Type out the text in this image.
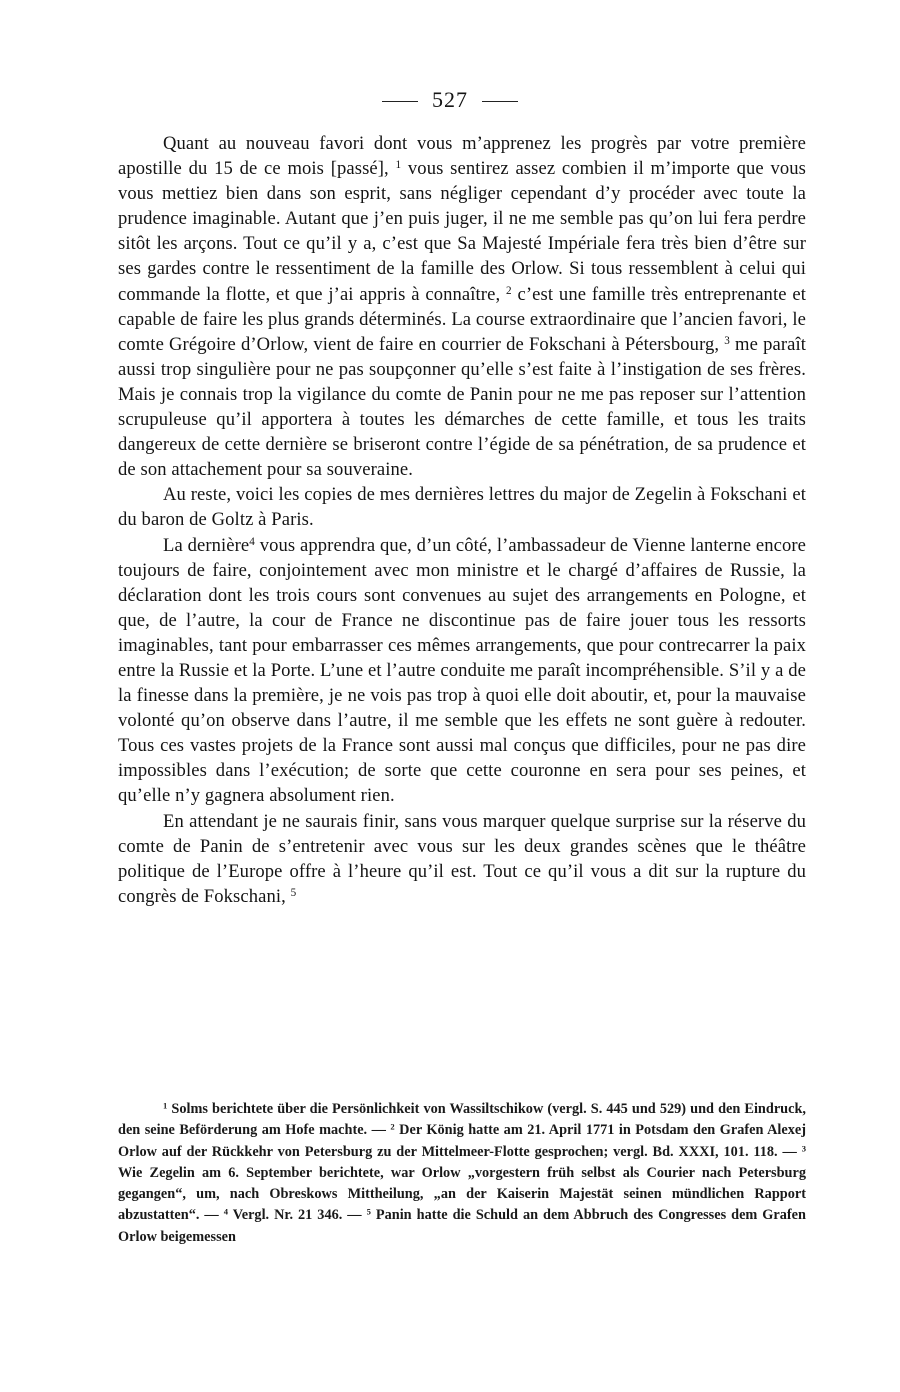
527

Quant au nouveau favori dont vous m’apprenez les progrès par votre première apostille du 15 de ce mois [passé], $^1$ vous sentirez assez combien il m’importe que vous vous mettiez bien dans son esprit, sans négliger cependant d’y procéder avec toute la prudence imaginable. Autant que j’en puis juger, il ne me semble pas qu’on lui fera perdre sitôt les arçons. Tout ce qu’il y a, c’est que Sa Majesté Impériale fera très bien d’être sur ses gardes contre le ressentiment de la famille des Orlow. Si tous ressemblent à celui qui commande la flotte, et que j’ai appris à connaître, $^2$ c’est une famille très entreprenante et capable de faire les plus grands déterminés. La course extraordinaire que l’ancien favori, le comte Grégoire d’Orlow, vient de faire en courrier de Fokschani à Pétersbourg, $^3$ me paraît aussi trop singulière pour ne pas soupçonner qu’elle s’est faite à l’instigation de ses frères. Mais je connais trop la vigilance du comte de Panin pour ne me pas reposer sur l’attention scrupuleuse qu’il apportera à toutes les démarches de cette famille, et tous les traits dangereux de cette dernière se briseront contre l’égide de sa pénétration, de sa prudence et de son attachement pour sa souveraine.

Au reste, voici les copies de mes dernières lettres du major de Zegelin à Fokschani et du baron de Goltz à Paris.

La dernière$^4$ vous apprendra que, d’un côté, l’ambassadeur de Vienne lanterne encore toujours de faire, conjointement avec mon ministre et le chargé d’affaires de Russie, la déclaration dont les trois cours sont convenues au sujet des arrangements en Pologne, et que, de l’autre, la cour de France ne discontinue pas de faire jouer tous les ressorts imaginables, tant pour embarrasser ces mêmes arrangements, que pour contrecarrer la paix entre la Russie et la Porte. L’une et l’autre conduite me paraît incompréhensible. S’il y a de la finesse dans la première, je ne vois pas trop à quoi elle doit aboutir, et, pour la mauvaise volonté qu’on observe dans l’autre, il me semble que les effets ne sont guère à redouter. Tous ces vastes projets de la France sont aussi mal conçus que difficiles, pour ne pas dire impossibles dans l’exécution; de sorte que cette couronne en sera pour ses peines, et qu’elle n’y gagnera absolument rien.

En attendant je ne saurais finir, sans vous marquer quelque surprise sur la réserve du comte de Panin de s’entretenir avec vous sur les deux grandes scènes que le théâtre politique de l’Europe offre à l’heure qu’il est. Tout ce qu’il vous a dit sur la rupture du congrès de Fokschani, $^5$

$^1$ Solms berichtete über die Persönlichkeit von Wassiltschikow (vergl. S. 445 und 529) und den Eindruck, den seine Beförderung am Hofe machte. — $^2$ Der König hatte am 21. April 1771 in Potsdam den Grafen Alexej Orlow auf der Rückkehr von Petersburg zu der Mittelmeer-Flotte gesprochen; vergl. Bd. XXXI, 101. 118. — $^3$ Wie Zegelin am 6. September berichtete, war Orlow „vorgestern früh selbst als Courier nach Petersburg gegangen“, um, nach Obreskows Mittheilung, „an der Kaiserin Majestät seinen mündlichen Rapport abzustatten“. — $^4$ Vergl. Nr. 21 346. — $^5$ Panin hatte die Schuld an dem Abbruch des Congresses dem Grafen Orlow beigemessen
